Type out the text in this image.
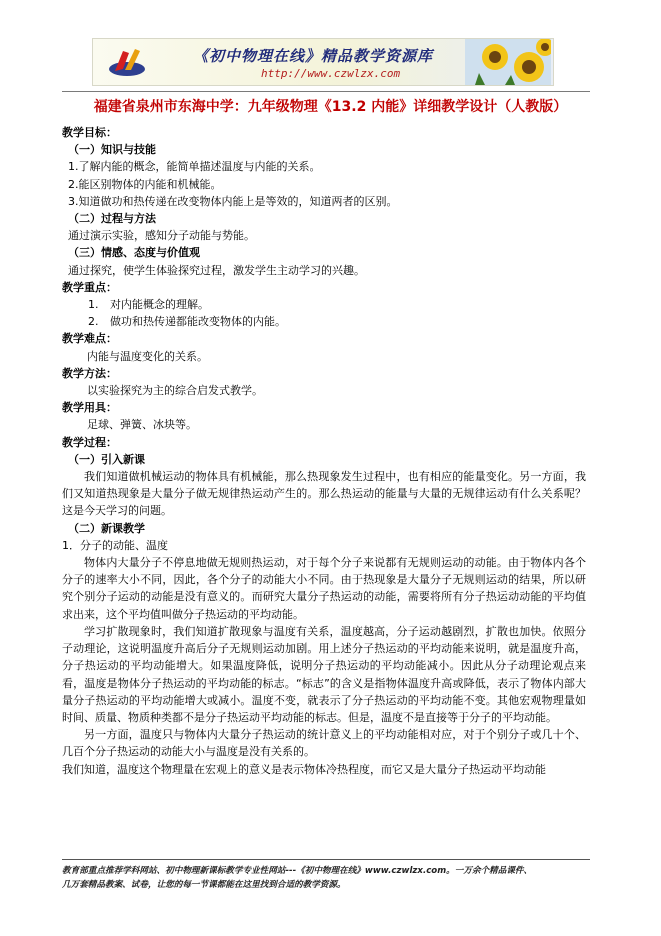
《初中物理在线》精品教学资源库
http://www.czwlzx.com
福建省泉州市东海中学：九年级物理《13.2 内能》详细教学设计（人教版）

教学目标：

（一）知识与技能

1.了解内能的概念，能简单描述温度与内能的关系。

2.能区别物体的内能和机械能。

3.知道做功和热传递在改变物体内能上是等效的，知道两者的区别。

（二）过程与方法

通过演示实验，感知分子动能与势能。

（三）情感、态度与价值观

通过探究，使学生体验探究过程，激发学生主动学习的兴趣。

教学重点：

1. 对内能概念的理解。

2. 做功和热传递都能改变物体的内能。

教学难点：

内能与温度变化的关系。

教学方法：

以实验探究为主的综合启发式教学。

教学用具：

足球、弹簧、冰块等。

教学过程：

（一）引入新课

我们知道做机械运动的物体具有机械能，那么热现象发生过程中，也有相应的能量变化。另一方面，我们又知道热现象是大量分子做无规律热运动产生的。那么热运动的能量与大量的无规律运动有什么关系呢？这是今天学习的问题。

（二）新课教学

1．分子的动能、温度

物体内大量分子不停息地做无规则热运动，对于每个分子来说都有无规则运动的动能。由于物体内各个分子的速率大小不同，因此，各个分子的动能大小不同。由于热现象是大量分子无规则运动的结果，所以研究个别分子运动的动能是没有意义的。而研究大量分子热运动的动能，需要将所有分子热运动动能的平均值求出来，这个平均值叫做分子热运动的平均动能。

学习扩散现象时，我们知道扩散现象与温度有关系，温度越高，分子运动越剧烈，扩散也加快。依照分子动理论，这说明温度升高后分子无规则运动加剧。用上述分子热运动的平均动能来说明，就是温度升高，分子热运动的平均动能增大。如果温度降低，说明分子热运动的平均动能减小。因此从分子动理论观点来看，温度是物体分子热运动的平均动能的标志。“标志”的含义是指物体温度升高或降低，表示了物体内部大量分子热运动的平均动能增大或减小。温度不变，就表示了分子热运动的平均动能不变。其他宏观物理量如时间、质量、物质种类都不是分子热运动平均动能的标志。但是，温度不是直接等于分子的平均动能。

另一方面，温度只与物体内大量分子热运动的统计意义上的平均动能相对应，对于个别分子或几十个、几百个分子热运动的动能大小与温度是没有关系的。

我们知道，温度这个物理量在宏观上的意义是表示物体冷热程度，而它又是大量分子热运动平均动能

教育部重点推荐学科网站、初中物理新课标教学专业性网站---《初中物理在线》www.czwlzx.com。一万余个精品课件、

几万套精品教案、试卷，让您的每一节课都能在这里找到合适的教学资源。
